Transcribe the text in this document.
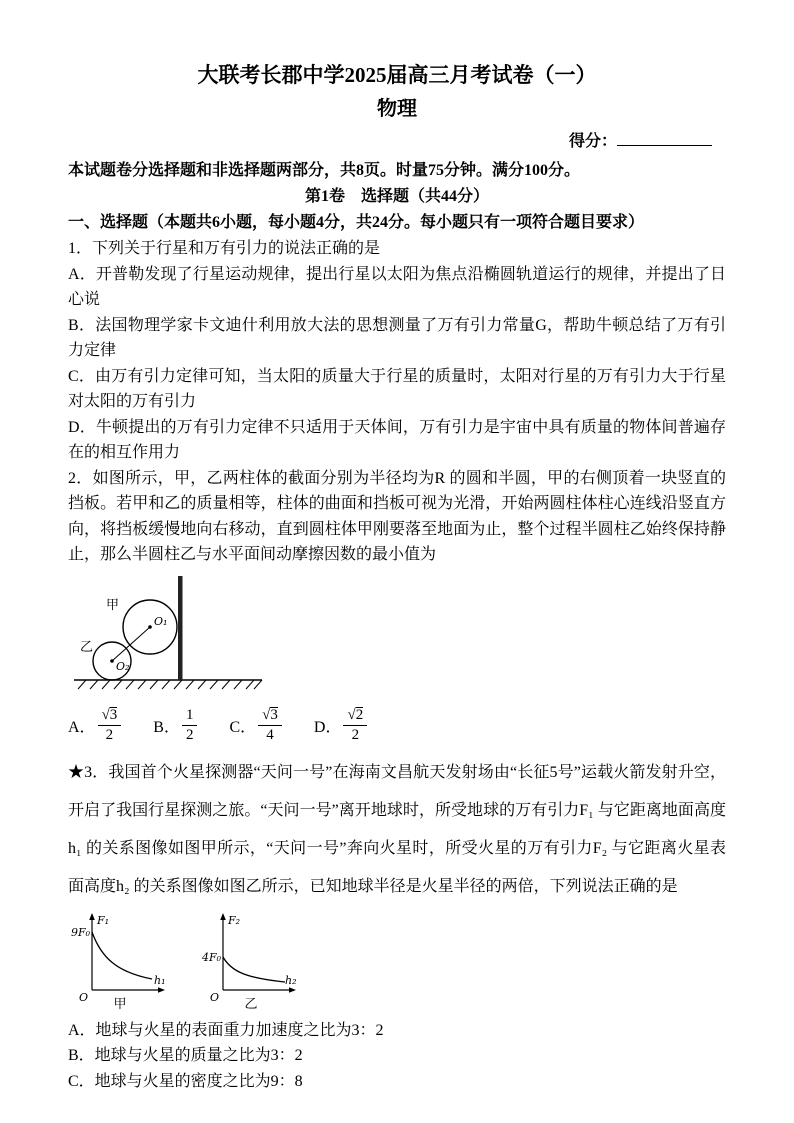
大联考长郡中学2025届高三月考试卷（一）
物理
得分：

本试题卷分选择题和非选择题两部分，共8页。时量75分钟。满分100分。

第1卷　选择题（共44分）

一、选择题（本题共6小题，每小题4分，共24分。每小题只有一项符合题目要求）

1．下列关于行星和万有引力的说法正确的是

A．开普勒发现了行星运动规律，提出行星以太阳为焦点沿椭圆轨道运行的规律，并提出了日心说

B．法国物理学家卡文迪什利用放大法的思想测量了万有引力常量G，帮助牛顿总结了万有引力定律

C．由万有引力定律可知，当太阳的质量大于行星的质量时，太阳对行星的万有引力大于行星对太阳的万有引力

D．牛顿提出的万有引力定律不只适用于天体间，万有引力是宇宙中具有质量的物体间普遍存在的相互作用力

2．如图所示，甲，乙两柱体的截面分别为半径均为R 的圆和半圆，甲的右侧顶着一块竖直的挡板。若甲和乙的质量相等，柱体的曲面和挡板可视为光滑，开始两圆柱体柱心连线沿竖直方向，将挡板缓慢地向右移动，直到圆柱体甲刚要落至地面为止，整个过程半圆柱乙始终保持静止，那么半圆柱乙与水平面间动摩擦因数的最小值为

甲
乙
O₁
O₂
A． $\frac{√3}{2}$ B． $\frac{1}{2}$ C． $\frac{√3}{4}$ D． $\frac{√2}{2}$

★3．我国首个火星探测器“天问一号”在海南文昌航天发射场由“长征5号”运载火箭发射升空，开启了我国行星探测之旅。“天问一号”离开地球时，所受地球的万有引力F₁ 与它距离地面高度h₁ 的关系图像如图甲所示，“天问一号”奔向火星时，所受火星的万有引力F₂ 与它距离火星表面高度h₂ 的关系图像如图乙所示，已知地球半径是火星半径的两倍，下列说法正确的是

F₁
9F₀
O
h₁
甲
F₂
4F₀
O
h₂
乙

A．地球与火星的表面重力加速度之比为3：2

B．地球与火星的质量之比为3：2

C．地球与火星的密度之比为9：8
